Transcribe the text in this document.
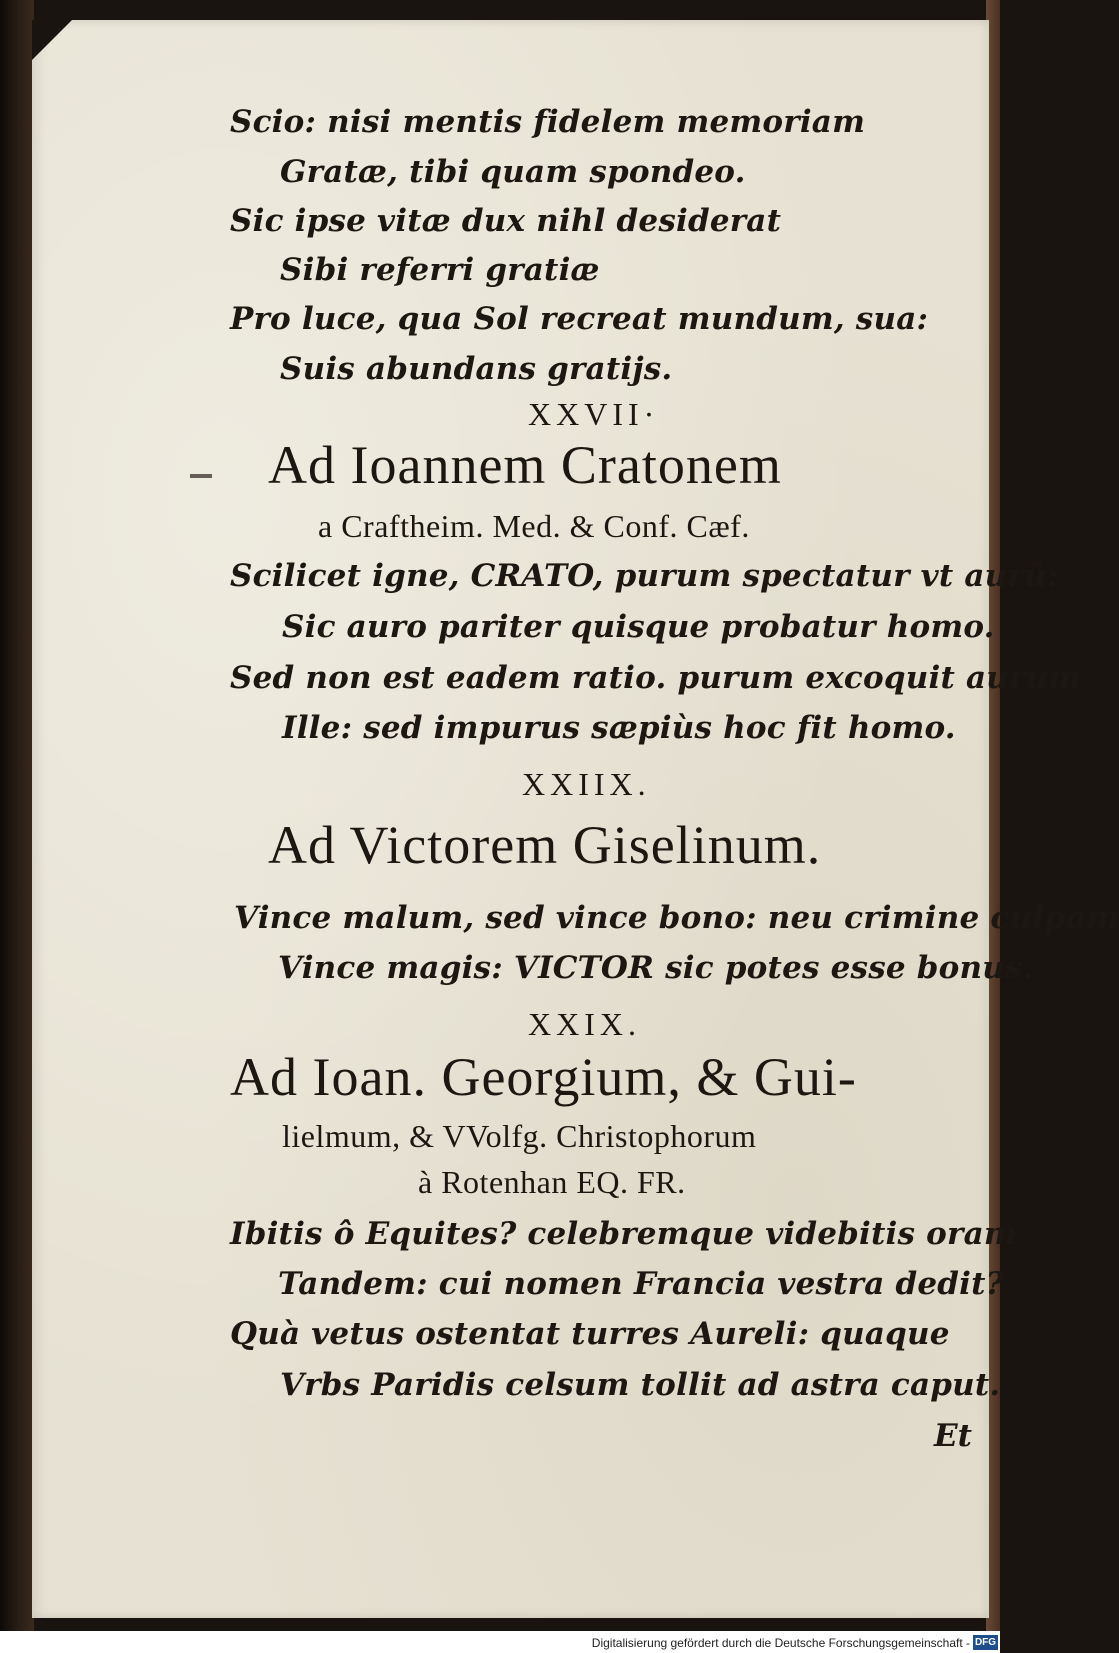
Scio: nisi mentis fidelem memoriam
Gratæ, tibi quam spondeo.
Sic ipse vitæ dux nihl desiderat
Sibi referri gratiæ
Pro luce, qua Sol recreat mundum, sua:
Suis abundans gratijs.
XXVII·
Ad Ioannem Cratonem
a Craftheim. Med. & Conf. Cæf.
Scilicet igne, CRATO, purum spectatur vt aurū:
Sic auro pariter quisque probatur homo.
Sed non est eadem ratio. purum excoquit aurum
Ille: sed impurus sæpiùs hoc fit homo.
XXIIX.
Ad Victorem Giselinum.
Vince malum, sed vince bono: neu crimine culpam
Vince magis: VICTOR sic potes esse bonus.
XXIX.
Ad Ioan. Georgium, & Gui-
lielmum, & VVolfg. Christophorum
à Rotenhan EQ. FR.
Ibitis ô Equites? celebremque videbitis oram
Tandem: cui nomen Francia vestra dedit?
Quà vetus ostentat turres Aureli: quaque
Vrbs Paridis celsum tollit ad astra caput.
Et
Digitalisierung gefördert durch die Deutsche Forschungsgemeinschaft - DFG
